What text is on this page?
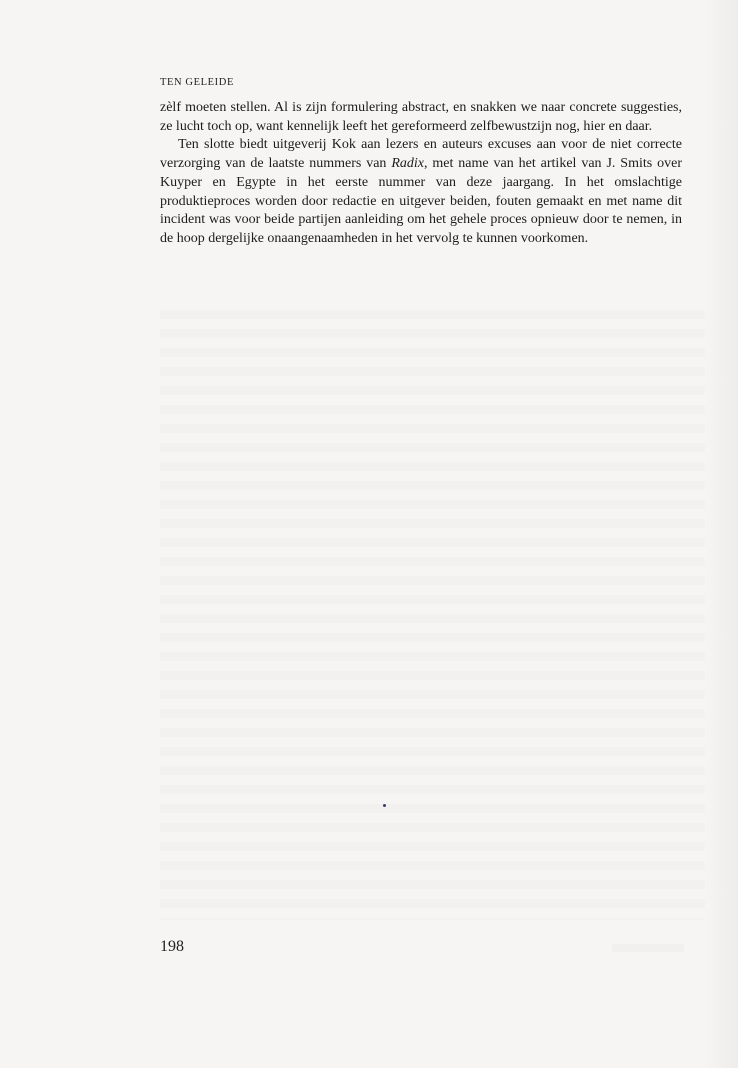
TEN GELEIDE

zèlf moeten stellen. Al is zijn formulering abstract, en snakken we naar concrete suggesties, ze lucht toch op, want kennelijk leeft het gereformeerd zelfbewustzijn nog, hier en daar.

Ten slotte biedt uitgeverij Kok aan lezers en auteurs excuses aan voor de niet correcte verzorging van de laatste nummers van Radix, met name van het artikel van J. Smits over Kuyper en Egypte in het eerste nummer van deze jaargang. In het omslachtige produktieproces worden door redactie en uitgever beiden, fouten gemaakt en met name dit incident was voor beide partijen aanleiding om het gehele proces opnieuw door te nemen, in de hoop dergelijke onaangenaamheden in het vervolg te kunnen voorkomen.

198
